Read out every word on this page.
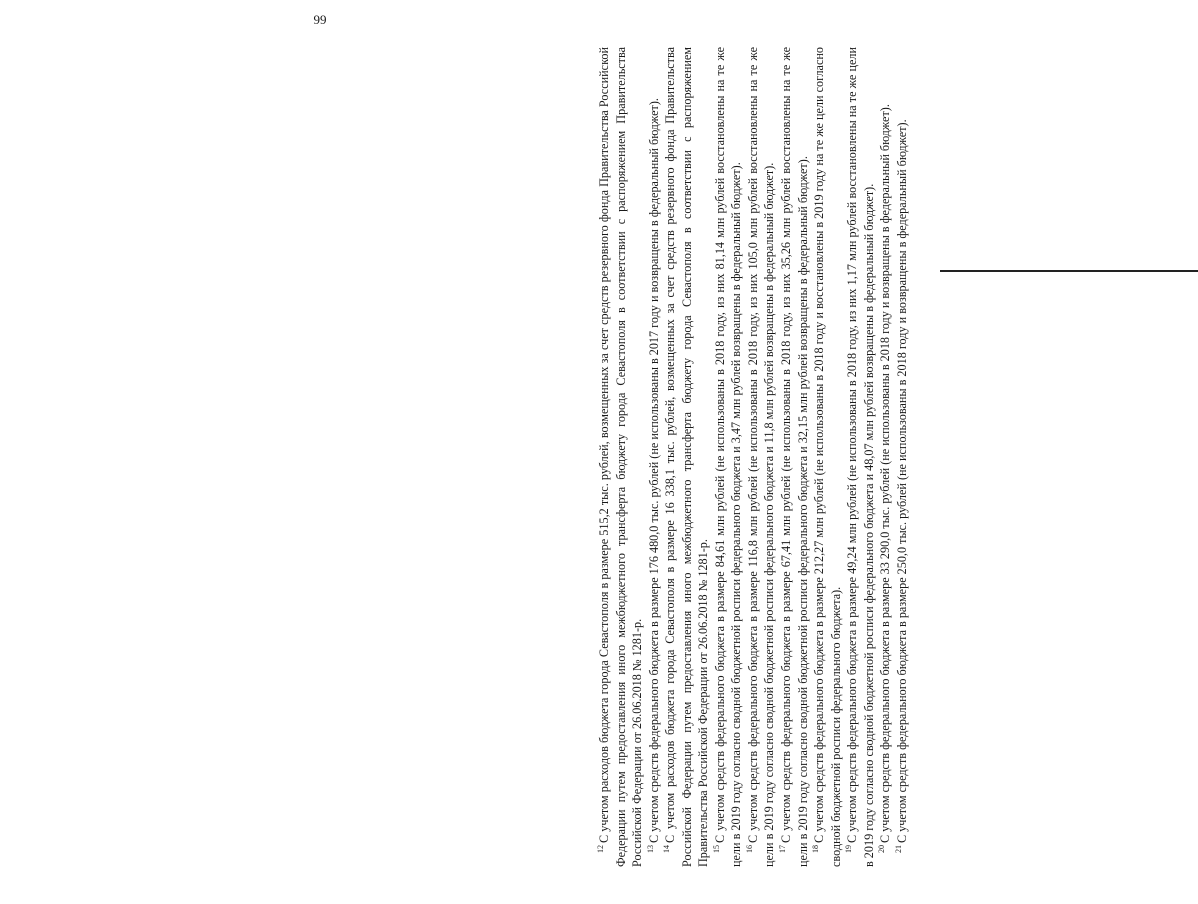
99

$^{12}$С учетом расходов бюджета города Севастополя в размере 515,2 тыс. рублей, возмещенных за счет средств резервного фонда Правительства Российской Федерации путем предоставления иного межбюджетного трансферта бюджету города Севастополя в соответствии с распоряжением Правительства Российской Федерации от 26.06.2018 № 1281-р. $^{13}$С учетом средств федерального бюджета в размере 176 480,0 тыс. рублей (не использованы в 2017 году и возвращены в федеральный бюджет).

$^{14}$С учетом расходов бюджета города Севастополя в размере 16 338,1 тыс. рублей, возмещенных за счет средств резервного фонда Правительства Российской Федерации путем предоставления иного межбюджетного трансферта бюджету города Севастополя в соответствии с распоряжением Правительства Российской Федерации от 26.06.2018 № 1281-р. $^{15}$С учетом средств федерального бюджета в размере 84,61 млн рублей (не использованы в 2018 году, из них 81,14 млн рублей восстановлены на те же цели в 2019 году согласно сводной бюджетной росписи федерального бюджета и 3,47 млн рублей возвращены в федеральный бюджет). $^{16}$С учетом средств федерального бюджета в размере 116,8 млн рублей (не использованы в 2018 году, из них 105,0 млн рублей восстановлены на те же цели в 2019 году согласно сводной бюджетной росписи федерального бюджета и 11,8 млн рублей возвращены в федеральный бюджет). $^{17}$С учетом средств федерального бюджета в размере 67,41 млн рублей (не использованы в 2018 году, из них 35,26 млн рублей восстановлены на те же цели в 2019 году согласно сводной бюджетной росписи федерального бюджета и 32,15 млн рублей возвращены в федеральный бюджет). $^{18}$С учетом средств федерального бюджета в размере 212,27 млн рублей (не использованы в 2018 году и восстановлены в 2019 году на те же цели согласно сводной бюджетной росписи федерального бюджета). $^{19}$С учетом средств федерального бюджета в размере 49,24 млн рублей (не использованы в 2018 году, из них 1,17 млн рублей восстановлены на те же цели в 2019 году согласно сводной бюджетной росписи федерального бюджета и 48,07 млн рублей возвращены в федеральный бюджет). $^{20}$С учетом средств федерального бюджета в размере 33 290,0 тыс. рублей (не использованы в 2018 году и возвращены в федеральный бюджет).

$^{21}$С учетом средств федерального бюджета в размере 250,0 тыс. рублей (не использованы в 2018 году и возвращены в федеральный бюджет).
